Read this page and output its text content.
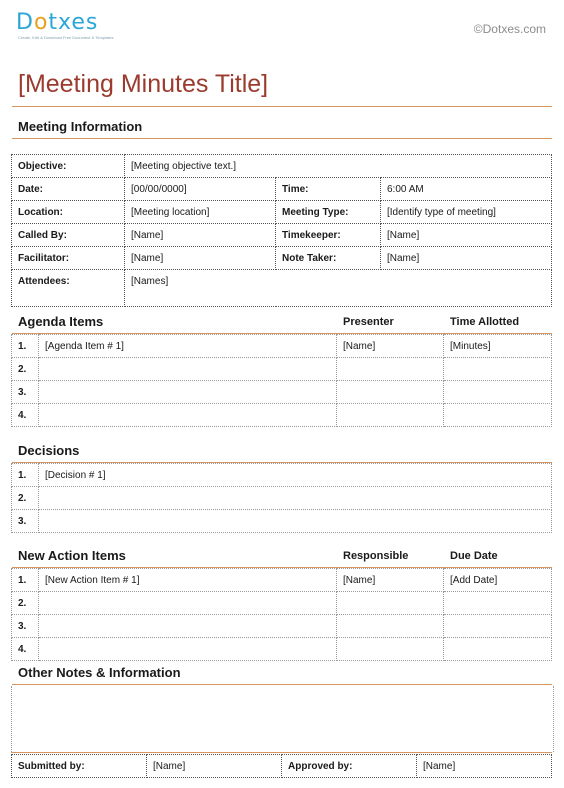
Dotxes
Create, Edit & Download Free Document & Templates
©Dotxes.com
[Meeting Minutes Title]
Meeting Information
Objective:	[Meeting objective text.]		
Date:	[00/00/0000]	Time:	6:00 AM
Location:	[Meeting location]	Meeting Type:	[Identify type of meeting]
Called By:	[Name]	Timekeeper:	[Name]
Facilitator:	[Name]	Note Taker:	[Name]
Attendees:	[Names]		
Agenda Items	Presenter	Time Allotted
1.	[Agenda Item # 1]	[Name]	[Minutes]
2.			
3.			
4.			
Decisions
1.	[Decision # 1]
2.	
3.	
New Action Items	Responsible	Due Date
1.	[New Action Item # 1]	[Name]	[Add Date]
2.			
3.			
4.			
Other Notes & Information
Submitted by:	[Name]	Approved by:	[Name]
